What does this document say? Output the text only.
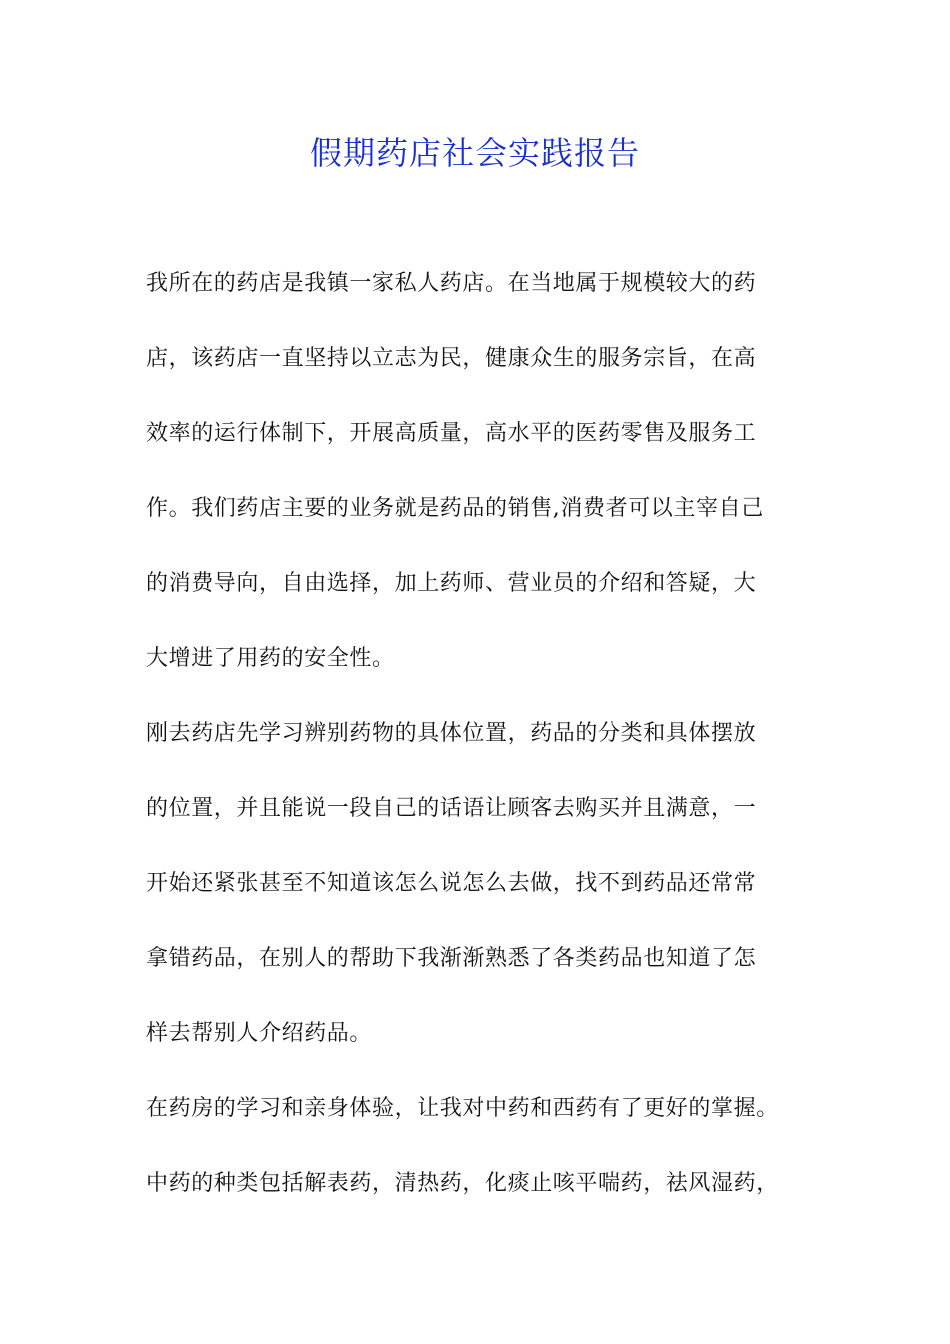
假期药店社会实践报告
我所在的药店是我镇一家私人药店。在当地属于规模较大的药
店，该药店一直坚持以立志为民，健康众生的服务宗旨，在高
效率的运行体制下，开展高质量，高水平的医药零售及服务工
作。我们药店主要的业务就是药品的销售,消费者可以主宰自己
的消费导向，自由选择，加上药师、营业员的介绍和答疑，大
大增进了用药的安全性。
刚去药店先学习辨别药物的具体位置，药品的分类和具体摆放
的位置，并且能说一段自己的话语让顾客去购买并且满意，一
开始还紧张甚至不知道该怎么说怎么去做，找不到药品还常常
拿错药品，在别人的帮助下我渐渐熟悉了各类药品也知道了怎
样去帮别人介绍药品。
在药房的学习和亲身体验，让我对中药和西药有了更好的掌握。
中药的种类包括解表药，清热药，化痰止咳平喘药，祛风湿药，
